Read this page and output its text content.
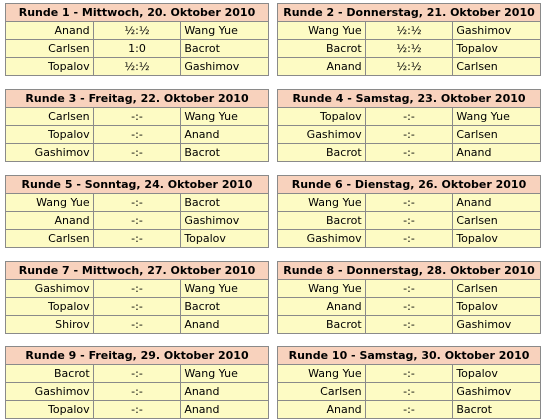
Runde 1 - Mittwoch, 20. Oktober 2010		
Anand	½:½	Wang Yue
Carlsen	1:0	Bacrot
Topalov	½:½	Gashimov
Runde 2 - Donnerstag, 21. Oktober 2010		
Wang Yue	½:½	Gashimov
Bacrot	½:½	Topalov
Anand	½:½	Carlsen
Runde 3 - Freitag, 22. Oktober 2010		
Carlsen	-:-	Wang Yue
Topalov	-:-	Anand
Gashimov	-:-	Bacrot
Runde 4 - Samstag, 23. Oktober 2010		
Topalov	-:-	Wang Yue
Gashimov	-:-	Carlsen
Bacrot	-:-	Anand
Runde 5 - Sonntag, 24. Oktober 2010		
Wang Yue	-:-	Bacrot
Anand	-:-	Gashimov
Carlsen	-:-	Topalov
Runde 6 - Dienstag, 26. Oktober 2010		
Wang Yue	-:-	Anand
Bacrot	-:-	Carlsen
Gashimov	-:-	Topalov
Runde 7 - Mittwoch, 27. Oktober 2010		
Gashimov	-:-	Wang Yue
Topalov	-:-	Bacrot
Shirov	-:-	Anand
Runde 8 - Donnerstag, 28. Oktober 2010		
Wang Yue	-:-	Carlsen
Anand	-:-	Topalov
Bacrot	-:-	Gashimov
Runde 9 - Freitag, 29. Oktober 2010		
Bacrot	-:-	Wang Yue
Gashimov	-:-	Anand
Topalov	-:-	Anand
Runde 10 - Samstag, 30. Oktober 2010		
Wang Yue	-:-	Topalov
Carlsen	-:-	Gashimov
Anand	-:-	Bacrot
